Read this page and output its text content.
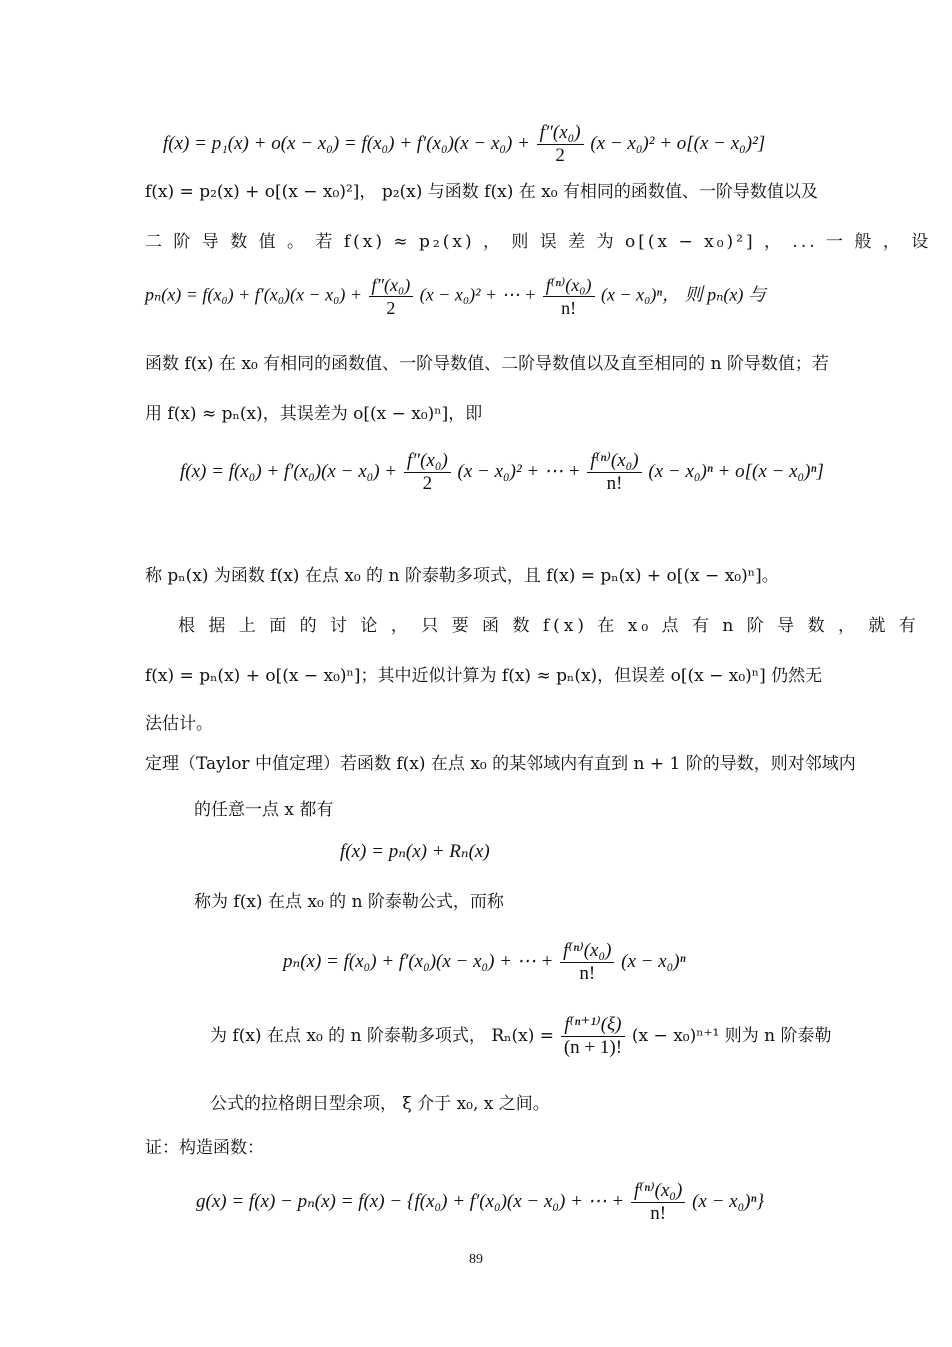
$f(x) = p_1(x) + o(x - x_0) = f(x_0) + f'(x_0)(x - x_0) + \frac{\text{f″(x₀)}}{2} (x - x_0)^2 + o[(x - x_0)^2]$
f(x) = p₂(x) + o[(x − x₀)²]， p₂(x) 与函数 f(x) 在 x₀ 有相同的函数值、一阶导数值以及
二 阶 导 数 值 。 若 f(x) ≈ p₂(x) ， 则 误 差 为 o[(x − x₀)²] ， ... 一 般 ， 设
$p_n(x) = f(x_0) + f'(x_0)(x - x_0) + \frac{\text{f″(x₀)}}{2} (x - x_0)^2$ + ⋯ + $\frac{\text{f⁽ⁿ⁾(x₀)}}{n!} (x - x_0)^n$， 则 pₙ(x) 与
函数 f(x) 在 x₀ 有相同的函数值、一阶导数值、二阶导数值以及直至相同的 n 阶导数值；若
用 f(x) ≈ pₙ(x)，其误差为 o[(x − x₀)ⁿ]，即
$f(x) = f(x_0) + f'(x_0)(x - x_0) + \frac{\text{f″(x₀)}}{2} (x - x_0)^2$ + ⋯ + $\frac{\text{f⁽ⁿ⁾(x₀)}}{n!} (x - x_0)^n + o[(x - x_0)^n]$
称 pₙ(x) 为函数 f(x) 在点 x₀ 的 n 阶泰勒多项式，且 f(x) = pₙ(x) + o[(x − x₀)ⁿ]。
根 据 上 面 的 讨 论 ， 只 要 函 数 f(x) 在 x₀ 点 有 n 阶 导 数 ， 就 有
f(x) = pₙ(x) + o[(x − x₀)ⁿ]；其中近似计算为 f(x) ≈ pₙ(x)，但误差 o[(x − x₀)ⁿ] 仍然无
法估计。
定理（Taylor 中值定理）若函数 f(x) 在点 x₀ 的某邻域内有直到 n + 1 阶的导数，则对邻域内
的任意一点 x 都有
f(x) = pₙ(x) + Rₙ(x)
称为 f(x) 在点 x₀ 的 n 阶泰勒公式，而称
pₙ(x) = f(x₀) + f′(x₀)(x − x₀) + ⋯ + $\frac{\text{f⁽ⁿ⁾(x₀)}}{n!} (x - x_0)^n$
为 f(x) 在点 x₀ 的 n 阶泰勒多项式， $R_n(x) = \frac{\text{f⁽ⁿ⁺¹⁾(ξ)}}{(n + 1)!} (x - x_0)^{n+1}$ 则为 n 阶泰勒
公式的拉格朗日型余项， ξ 介于 x₀, x 之间。
证：构造函数：
g(x) = f(x) − pₙ(x) = f(x) − {f(x₀) + f′(x₀)(x − x₀) + ⋯ + $\frac{\text{f⁽ⁿ⁾(x₀)}}{n!} (x - x_0)^n$}
89
